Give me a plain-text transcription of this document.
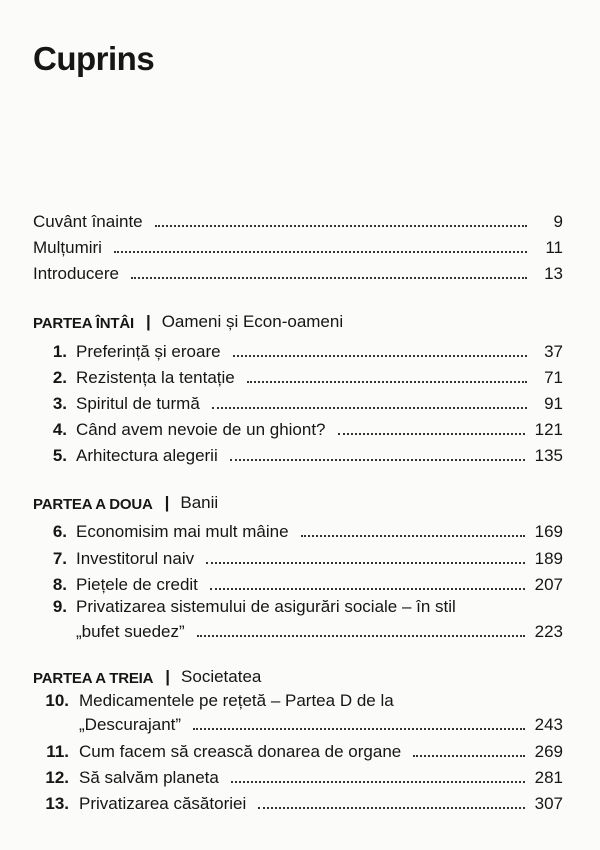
Cuprins
Cuvânt înainte	9
Mulțumiri	11
Introducere	13
PARTEA ÎNTÂI | Oameni și Econ-oameni
1. Preferință și eroare	37
2. Rezistența la tentație	71
3. Spiritul de turmă	91
4. Când avem nevoie de un ghiont?	121
5. Arhitectura alegerii	135
PARTEA A DOUA | Banii
6. Economisim mai mult mâine	169
7. Investitorul naiv	189
8. Piețele de credit	207
9. Privatizarea sistemului de asigurări sociale – în stil
„bufet suedez”	223
PARTEA A TREIA | Societatea
10. Medicamentele pe rețetă – Partea D de la
„Descurajant”	243
11. Cum facem să crească donarea de organe	269
12. Să salvăm planeta	281
13. Privatizarea căsătoriei	307
